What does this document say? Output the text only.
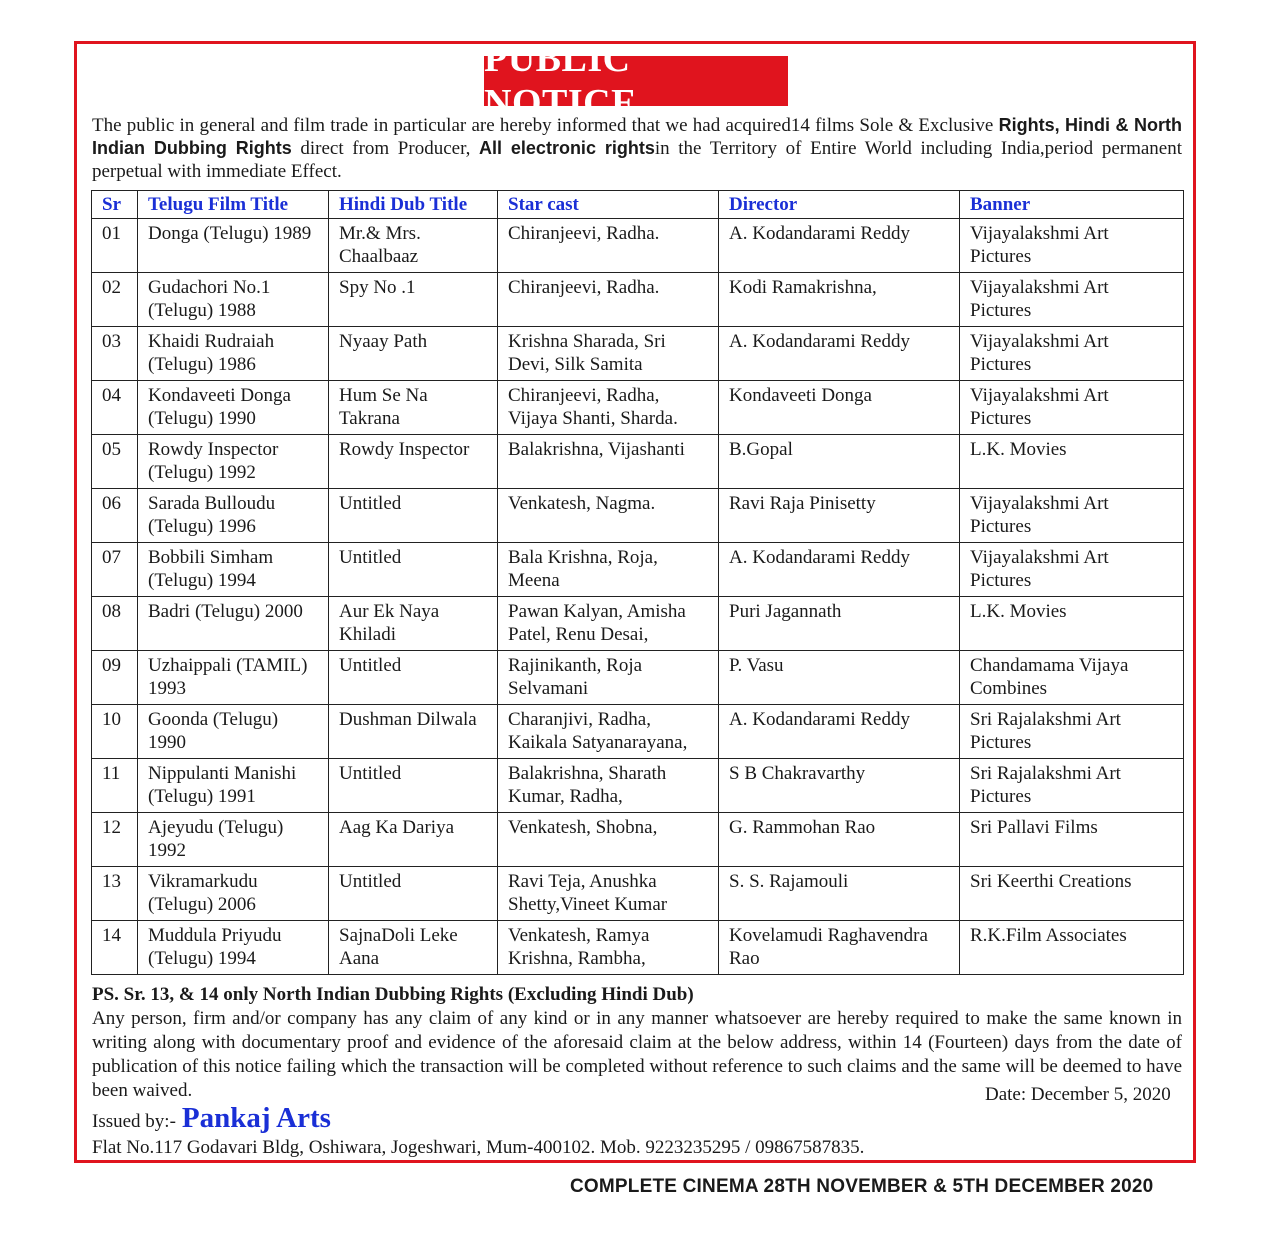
PUBLIC NOTICE
The public in general and film trade in particular are hereby informed that we had acquired14 films Sole & Exclusive Rights, Hindi & North Indian Dubbing Rights direct from Producer, All electronic rightsin the Territory of Entire World including India,period permanent perpetual with immediate Effect.
Sr	Telugu Film Title	Hindi Dub Title	Star cast	Director	Banner
01	Donga (Telugu) 1989	Mr.& Mrs. Chaalbaaz	Chiranjeevi, Radha.	A. Kodandarami Reddy	Vijayalakshmi Art Pictures
02	Gudachori No.1 (Telugu) 1988	Spy No .1	Chiranjeevi, Radha.	Kodi Ramakrishna,	Vijayalakshmi Art Pictures
03	Khaidi Rudraiah (Telugu) 1986	Nyaay Path	Krishna Sharada, Sri Devi, Silk Samita	A. Kodandarami Reddy	Vijayalakshmi Art Pictures
04	Kondaveeti Donga (Telugu) 1990	Hum Se Na Takrana	Chiranjeevi, Radha, Vijaya Shanti, Sharda.	Kondaveeti Donga	Vijayalakshmi Art Pictures
05	Rowdy Inspector (Telugu) 1992	Rowdy Inspector	Balakrishna, Vijashanti	B.Gopal	L.K. Movies
06	Sarada Bulloudu (Telugu) 1996	Untitled	Venkatesh, Nagma.	Ravi Raja Pinisetty	Vijayalakshmi Art Pictures
07	Bobbili Simham (Telugu) 1994	Untitled	Bala Krishna, Roja, Meena	A. Kodandarami Reddy	Vijayalakshmi Art Pictures
08	Badri (Telugu) 2000	Aur Ek Naya Khiladi	Pawan Kalyan, Amisha Patel, Renu Desai,	Puri Jagannath	L.K. Movies
09	Uzhaippali (TAMIL) 1993	Untitled	Rajinikanth, Roja Selvamani	P. Vasu	Chandamama Vijaya Combines
10	Goonda (Telugu) 1990	Dushman Dilwala	Charanjivi, Radha, Kaikala Satyanarayana,	A. Kodandarami Reddy	Sri Rajalakshmi Art Pictures
11	Nippulanti Manishi (Telugu) 1991	Untitled	Balakrishna, Sharath Kumar, Radha,	S B Chakravarthy	Sri Rajalakshmi Art Pictures
12	Ajeyudu (Telugu) 1992	Aag Ka Dariya	Venkatesh, Shobna,	G. Rammohan Rao	Sri Pallavi Films
13	Vikramarkudu (Telugu) 2006	Untitled	Ravi Teja, Anushka Shetty,Vineet Kumar	S. S. Rajamouli	Sri Keerthi Creations
14	Muddula Priyudu (Telugu) 1994	SajnaDoli Leke Aana	Venkatesh, Ramya Krishna, Rambha,	Kovelamudi Raghavendra Rao	R.K.Film Associates
PS. Sr. 13, & 14 only North Indian Dubbing Rights (Excluding Hindi Dub)
Any person, firm and/or company has any claim of any kind or in any manner whatsoever are hereby required to make the same known in writing along with documentary proof and evidence of the aforesaid claim at the below address, within 14 (Fourteen) days from the date of publication of this notice failing which the transaction will be completed without reference to such claims and the same will be deemed to have been waived.	Date: December 5, 2020
Issued by:- Pankaj Arts
Flat No.117 Godavari Bldg, Oshiwara, Jogeshwari, Mum-400102. Mob. 9223235295 / 09867587835.
COMPLETE CINEMA 28TH NOVEMBER & 5TH DECEMBER 2020
